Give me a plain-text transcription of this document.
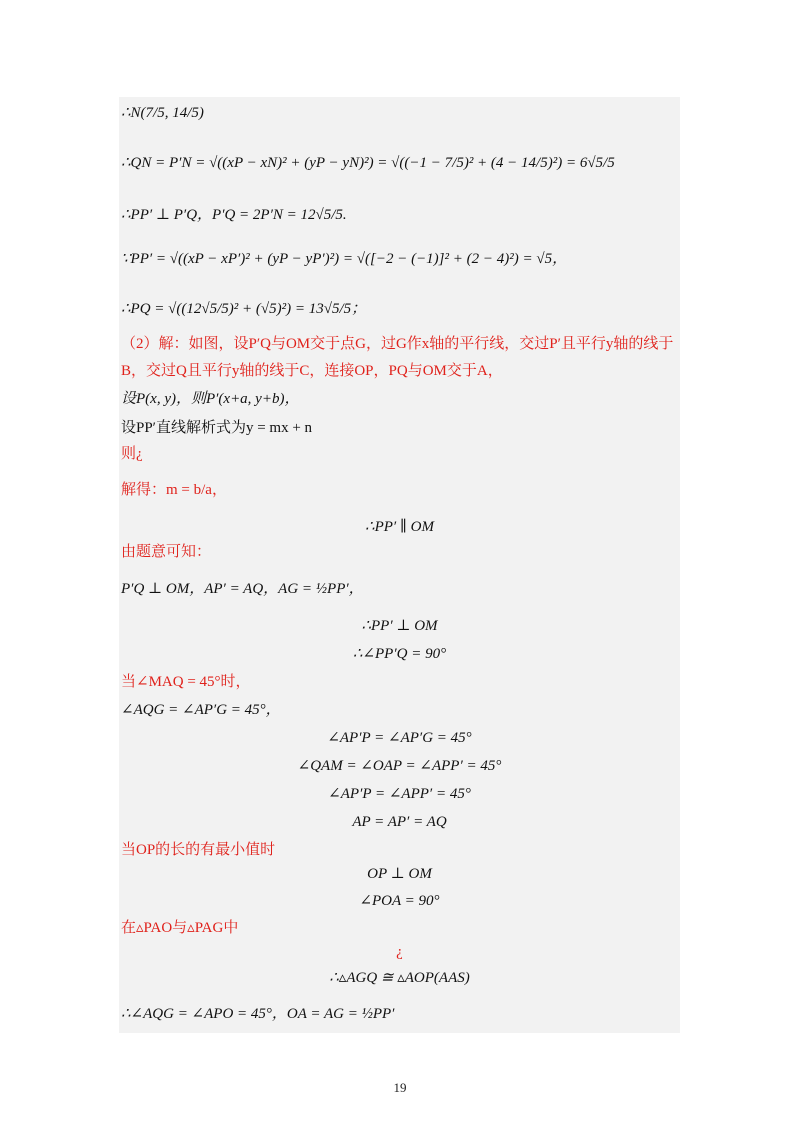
∴N(7/5, 14/5)
∴QN = P′N = √((xP − xN)² + (yP − yN)²) = √((−1 − 7/5)² + (4 − 14/5)²) = 6√5/5
∴PP′ ⊥ P′Q，P′Q = 2P′N = 12√5/5.
∵PP′ = √((xP − xP′)² + (yP − yP′)²) = √([−2 − (−1)]² + (2 − 4)²) = √5，
∴PQ = √((12√5/5)² + (√5)²) = 13√5/5；
（2）解：如图，设P′Q与OM交于点G，过G作x轴的平行线，交过P′且平行y轴的线于
B，交过Q且平行y轴的线于C，连接OP，PQ与OM交于A，
设P(x, y)，则P′(x+a, y+b)，
设PP′直线解析式为y = mx + n
则¿
解得：m = b/a，
∴PP′ ∥ OM
由题意可知：
P′Q ⊥ OM，AP′ = AQ，AG = ½PP′，
∴PP′ ⊥ OM
∴∠PP′Q = 90°
当∠MAQ = 45°时，
∠AQG = ∠AP′G = 45°，
∠AP′P = ∠AP′G = 45°
∠QAM = ∠OAP = ∠APP′ = 45°
∠AP′P = ∠APP′ = 45°
AP = AP′ = AQ
当OP的长的有最小值时
OP ⊥ OM
∠POA = 90°
在▵PAO与▵PAG中
¿
∴▵AGQ ≅ ▵AOP(AAS)
∴∠AQG = ∠APO = 45°，OA = AG = ½PP′
19
